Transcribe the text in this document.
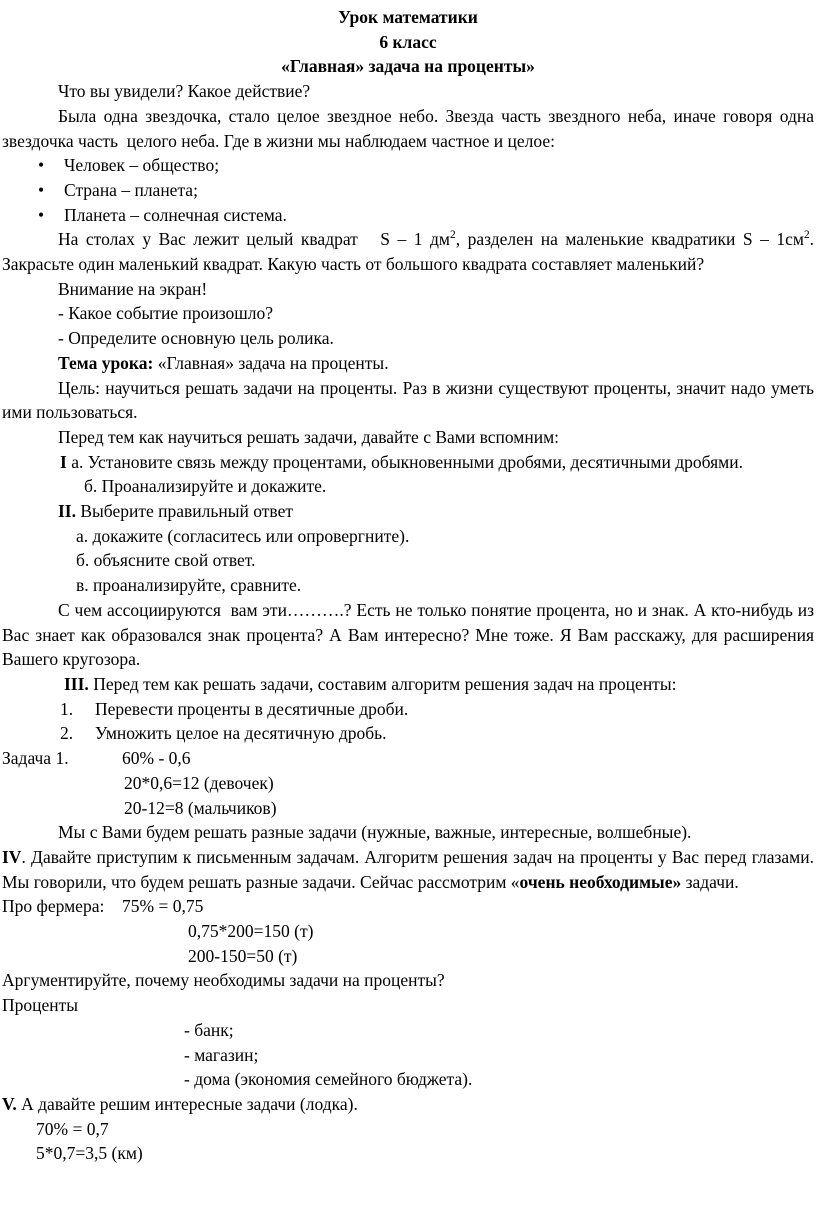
Урок математики

6 класс

«Главная» задача на проценты»

Что вы увидели? Какое действие?

Была одна звездочка, стало целое звездное небо. Звезда часть звездного неба, иначе говоря одна звездочка часть  целого неба. Где в жизни мы наблюдаем частное и целое:

• Человек – общество;

• Страна – планета;

• Планета – солнечная система.

На столах у Вас лежит целый квадрат   S – 1 $дм^2$, разделен на маленькие квадратики S – $1см^2$. Закрасьте один маленький квадрат. Какую часть от большого квадрата составляет маленький?

Внимание на экран!

- Какое событие произошло?

- Определите основную цель ролика.

Тема урока: «Главная» задача на проценты.

Цель: научиться решать задачи на проценты. Раз в жизни существуют проценты, значит надо уметь ими пользоваться.

Перед тем как научиться решать задачи, давайте с Вами вспомним:

I а. Установите связь между процентами, обыкновенными дробями, десятичными дробями.

б. Проанализируйте и докажите.

II. Выберите правильный ответ

а. докажите (согласитесь или опровергните).

б. объясните свой ответ.

в. проанализируйте, сравните.

С чем ассоциируются  вам эти……….? Есть не только понятие процента, но и знак. А кто-нибудь из Вас знает как образовался знак процента? А Вам интересно? Мне тоже. Я Вам расскажу, для расширения Вашего кругозора.

III. Перед тем как решать задачи, составим алгоритм решения задач на проценты:

1. Перевести проценты в десятичные дроби.

2. Умножить целое на десятичную дробь.

Задача 1.	60% - 0,6

20*0,6=12 (девочек)

20-12=8 (мальчиков)

Мы с Вами будем решать разные задачи (нужные, важные, интересные, волшебные).

IV. Давайте приступим к письменным задачам. Алгоритм решения задач на проценты у Вас перед глазами. Мы говорили, что будем решать разные задачи. Сейчас рассмотрим «очень необходимые» задачи.

Про фермера: 75% = 0,75

0,75*200=150 (т)

200-150=50 (т)

Аргументируйте, почему необходимы задачи на проценты?

Проценты

- банк;

- магазин;

- дома (экономия семейного бюджета).

V. А давайте решим интересные задачи (лодка).

70% = 0,7

5*0,7=3,5 (км)
